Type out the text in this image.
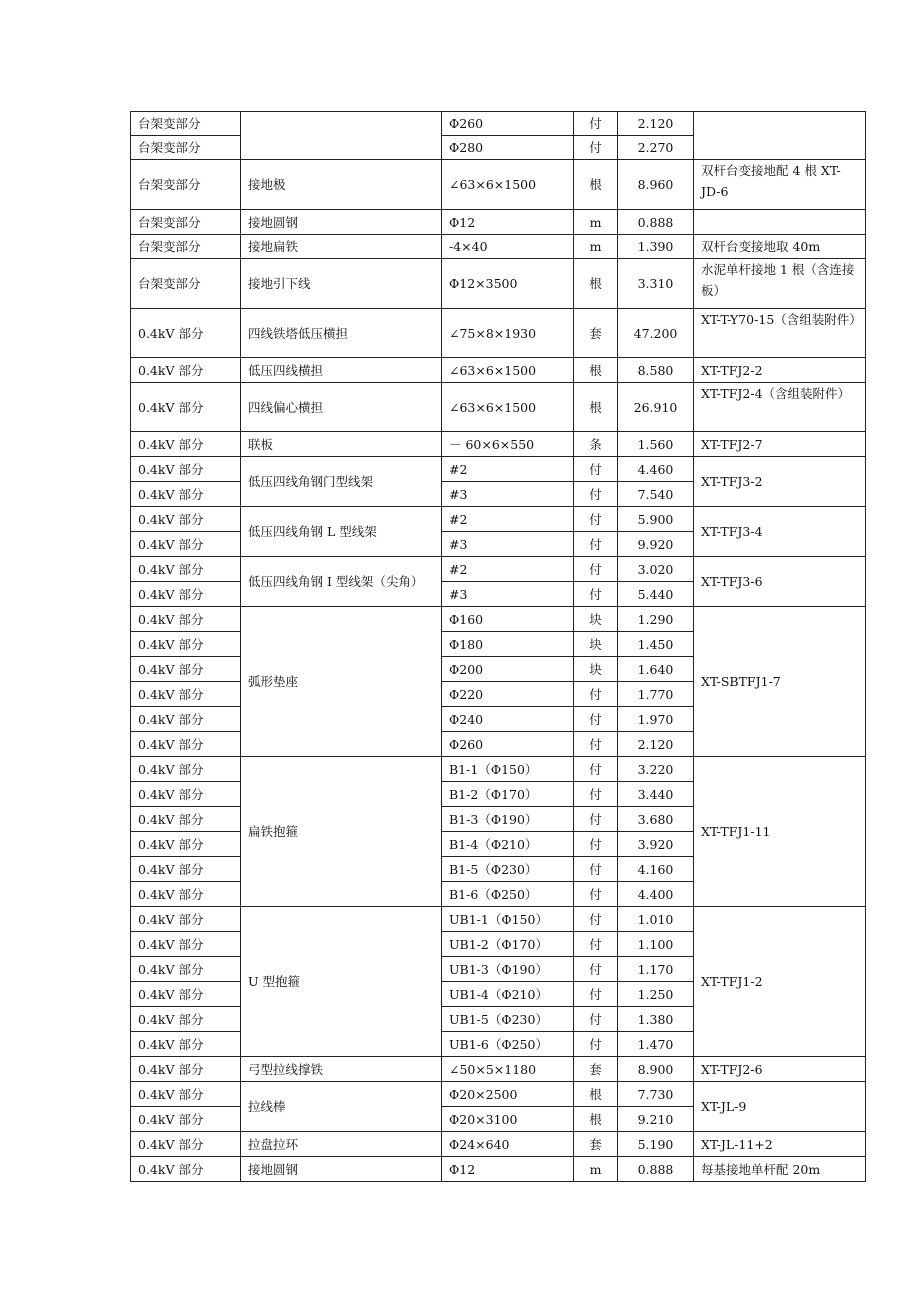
台架变部分		Φ260	付	2.120	
台架变部分		Φ280	付	2.270	
台架变部分	接地极	∠63×6×1500	根	8.960	双杆台变接地配 4 根 XT-JD-6
台架变部分	接地圆钢	Φ12	m	0.888	
台架变部分	接地扁铁	-4×40	m	1.390	双杆台变接地取 40m
台架变部分	接地引下线	Φ12×3500	根	3.310	水泥单杆接地 1 根（含连接板）
0.4kV 部分	四线铁塔低压横担	∠75×8×1930	套	47.200	XT-T-Y70-15（含组装附件）
0.4kV 部分	低压四线横担	∠63×6×1500	根	8.580	XT-TFJ2-2
0.4kV 部分	四线偏心横担	∠63×6×1500	根	26.910	XT-TFJ2-4（含组装附件）
0.4kV 部分	联板	－ 60×6×550	条	1.560	XT-TFJ2-7
0.4kV 部分	低压四线角钢门型线架	#2	付	4.460	XT-TFJ3-2
0.4kV 部分		#3	付	7.540	
0.4kV 部分	低压四线角钢 L 型线架	#2	付	5.900	XT-TFJ3-4
0.4kV 部分		#3	付	9.920	
0.4kV 部分	低压四线角钢 I 型线架（尖角）	#2	付	3.020	XT-TFJ3-6
0.4kV 部分		#3	付	5.440	
0.4kV 部分	弧形垫座	Φ160	块	1.290	XT-SBTFJ1-7
0.4kV 部分		Φ180	块	1.450	
0.4kV 部分		Φ200	块	1.640	
0.4kV 部分		Φ220	付	1.770	
0.4kV 部分		Φ240	付	1.970	
0.4kV 部分		Φ260	付	2.120	
0.4kV 部分	扁铁抱箍	B1-1（Φ150）	付	3.220	XT-TFJ1-11
0.4kV 部分		B1-2（Φ170）	付	3.440	
0.4kV 部分		B1-3（Φ190）	付	3.680	
0.4kV 部分		B1-4（Φ210）	付	3.920	
0.4kV 部分		B1-5（Φ230）	付	4.160	
0.4kV 部分		B1-6（Φ250）	付	4.400	
0.4kV 部分	U 型抱箍	UB1-1（Φ150）	付	1.010	XT-TFJ1-2
0.4kV 部分		UB1-2（Φ170）	付	1.100	
0.4kV 部分		UB1-3（Φ190）	付	1.170	
0.4kV 部分		UB1-4（Φ210）	付	1.250	
0.4kV 部分		UB1-5（Φ230）	付	1.380	
0.4kV 部分		UB1-6（Φ250）	付	1.470	
0.4kV 部分	弓型拉线撑铁	∠50×5×1180	套	8.900	XT-TFJ2-6
0.4kV 部分	拉线棒	Φ20×2500	根	7.730	XT-JL-9
0.4kV 部分		Φ20×3100	根	9.210	
0.4kV 部分	拉盘拉环	Φ24×640	套	5.190	XT-JL-11+2
0.4kV 部分	接地圆钢	Φ12	m	0.888	每基接地单杆配 20m
